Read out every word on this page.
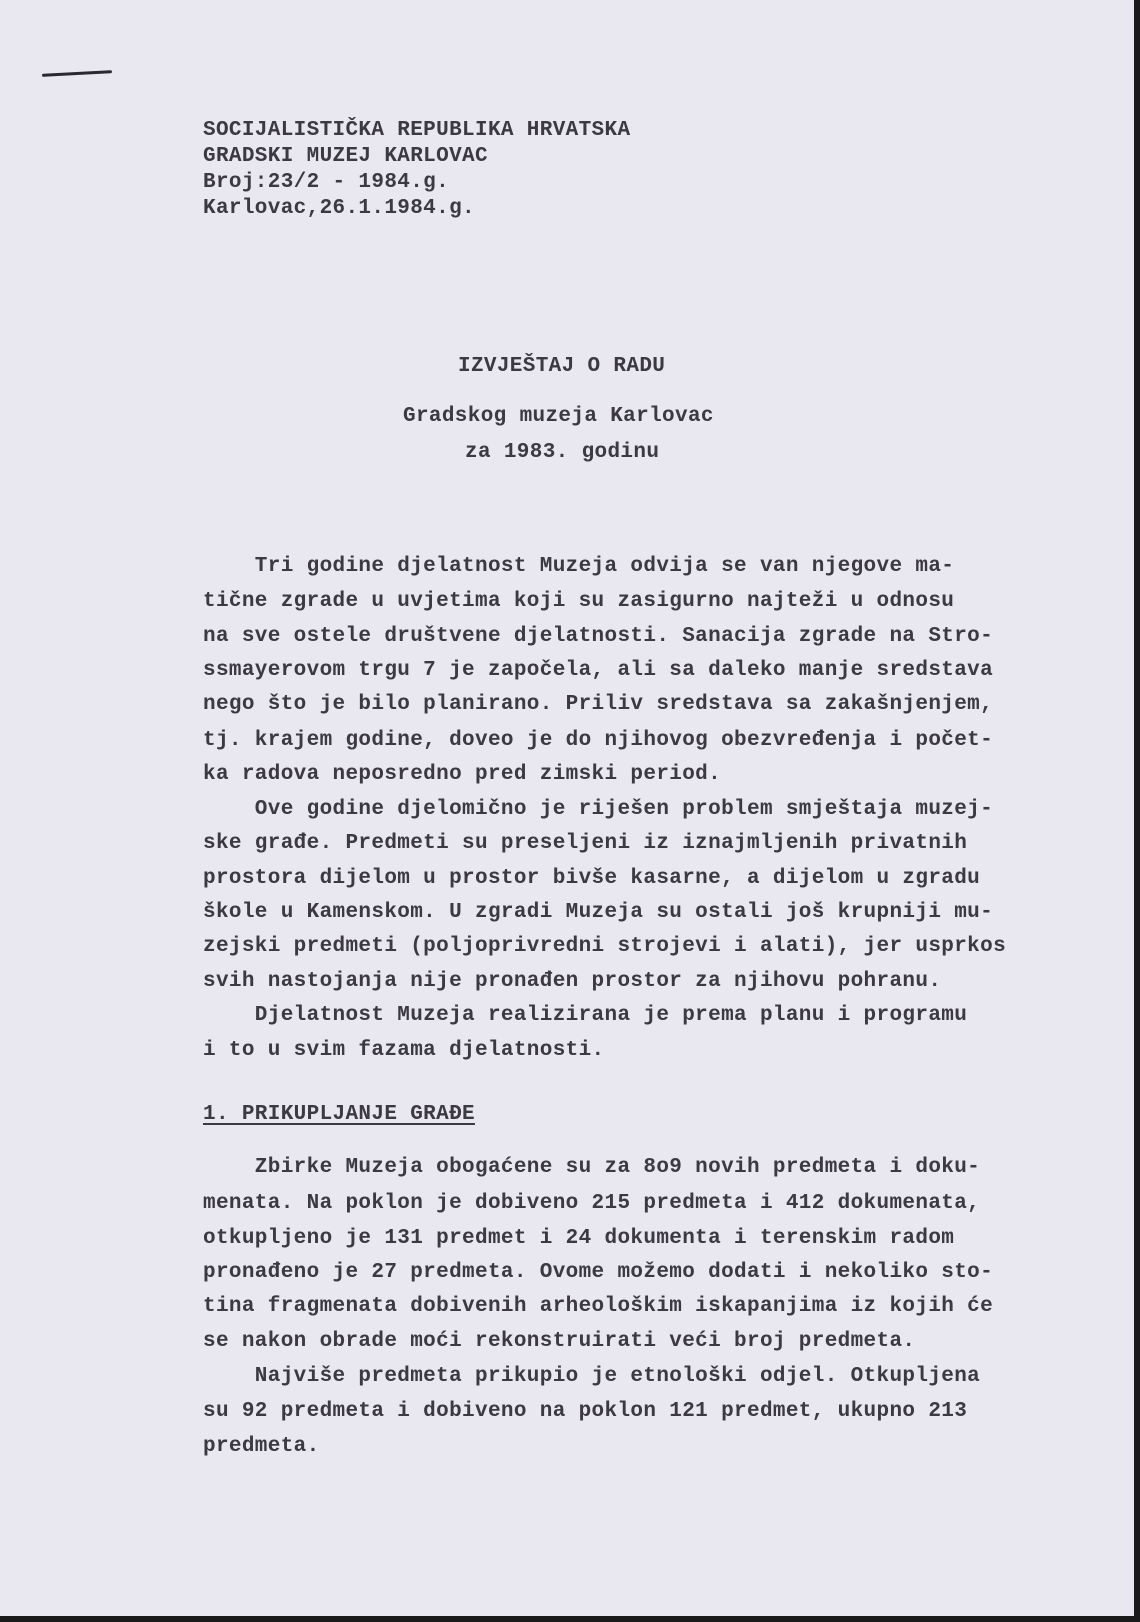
SOCIJALISTIČKA REPUBLIKA HRVATSKA
GRADSKI MUZEJ KARLOVAC
Broj:23/2 - 1984.g.
Karlovac,26.1.1984.g.
IZVJEŠTAJ O RADU
Gradskog muzeja Karlovac
za 1983. godinu
Tri godine djelatnost Muzeja odvija se van njegove ma-
tične zgrade u uvjetima koji su zasigurno najteži u odnosu
na sve ostele društvene djelatnosti. Sanacija zgrade na Stro-
ssmayerovom trgu 7 je započela, ali sa daleko manje sredstava
nego što je bilo planirano. Priliv sredstava sa zakašnjenjem,
tj. krajem godine, doveo je do njihovog obezvređenja i počet-
ka radova neposredno pred zimski period.
Ove godine djelomično je riješen problem smještaja muzej-
ske građe. Predmeti su preseljeni iz iznajmljenih privatnih
prostora dijelom u prostor bivše kasarne, a dijelom u zgradu
škole u Kamenskom. U zgradi Muzeja su ostali još krupniji mu-
zejski predmeti (poljoprivredni strojevi i alati), jer usprkos
svih nastojanja nije pronađen prostor za njihovu pohranu.
Djelatnost Muzeja realizirana je prema planu i programu
i to u svim fazama djelatnosti.
1. PRIKUPLJANJE GRAĐE
Zbirke Muzeja obogaćene su za 8o9 novih predmeta i doku-
menata. Na poklon je dobiveno 215 predmeta i 412 dokumenata,
otkupljeno je 131 predmet i 24 dokumenta i terenskim radom
pronađeno je 27 predmeta. Ovome možemo dodati i nekoliko sto-
tina fragmenata dobivenih arheološkim iskapanjima iz kojih će
se nakon obrade moći rekonstruirati veći broj predmeta.
Najviše predmeta prikupio je etnološki odjel. Otkupljena
su 92 predmeta i dobiveno na poklon 121 predmet, ukupno 213
predmeta.
